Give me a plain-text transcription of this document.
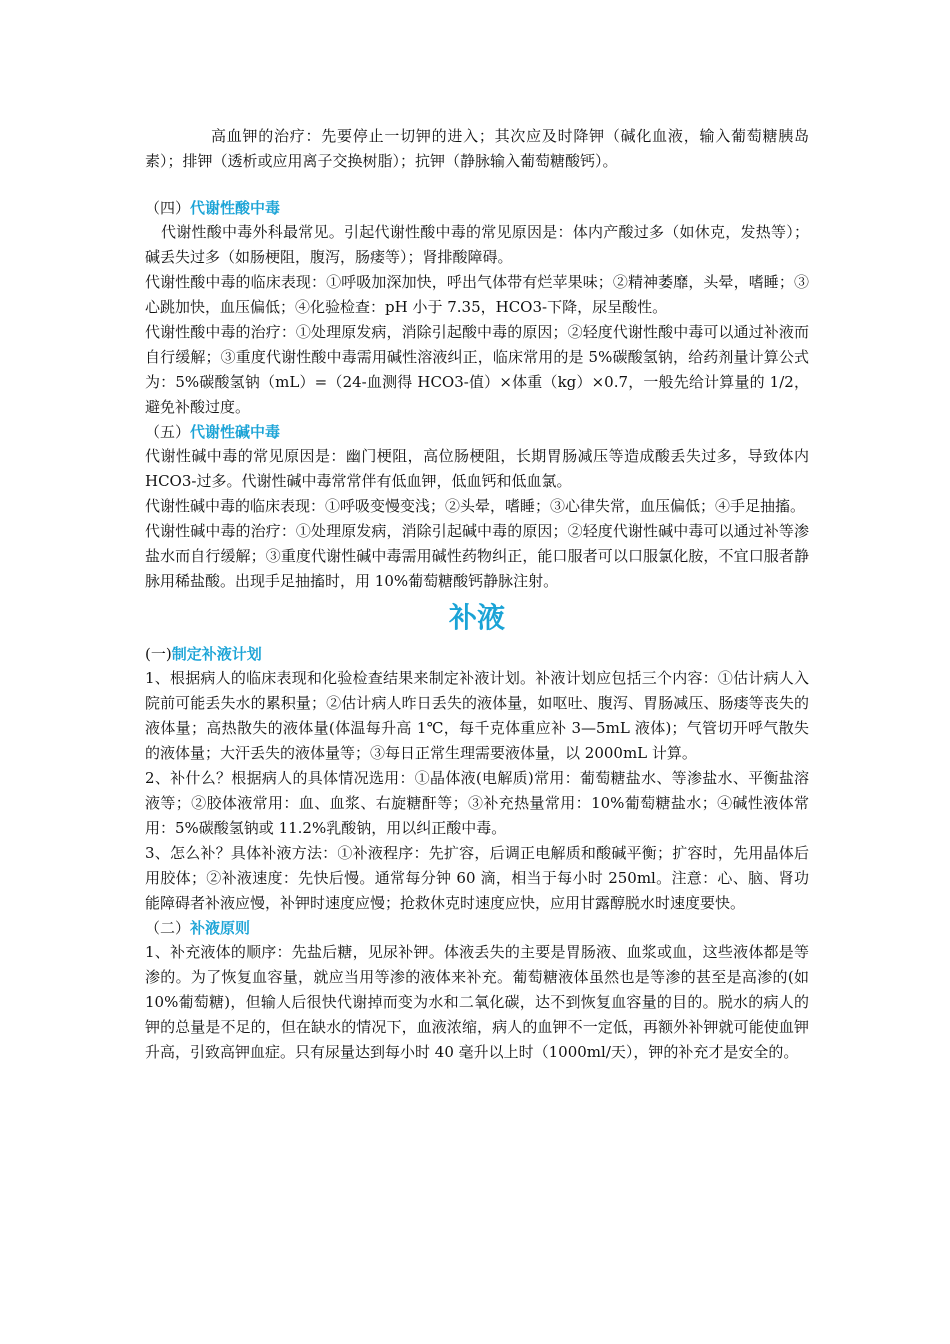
高血钾的治疗：先要停止一切钾的进入；其次应及时降钾（碱化血液，输入葡萄糖胰岛素）；排钾（透析或应用离子交换树脂）；抗钾（静脉输入葡萄糖酸钙）。

（四）代谢性酸中毒

代谢性酸中毒外科最常见。引起代谢性酸中毒的常见原因是：体内产酸过多（如休克，发热等）；碱丢失过多（如肠梗阻，腹泻，肠瘘等）；肾排酸障碍。

代谢性酸中毒的临床表现：①呼吸加深加快，呼出气体带有烂苹果味；②精神萎靡，头晕，嗜睡；③心跳加快，血压偏低；④化验检查：pH 小于 7.35，HCO3-下降，尿呈酸性。

代谢性酸中毒的治疗：①处理原发病，消除引起酸中毒的原因；②轻度代谢性酸中毒可以通过补液而自行缓解；③重度代谢性酸中毒需用碱性溶液纠正，临床常用的是 5%碳酸氢钠，给药剂量计算公式为：5%碳酸氢钠（mL）=（24-血测得 HCO3-值）×体重（kg）×0.7，一般先给计算量的 1/2，避免补酸过度。

（五）代谢性碱中毒

代谢性碱中毒的常见原因是：幽门梗阻，高位肠梗阻，长期胃肠减压等造成酸丢失过多，导致体内 HCO3-过多。代谢性碱中毒常常伴有低血钾，低血钙和低血氯。

代谢性碱中毒的临床表现：①呼吸变慢变浅；②头晕，嗜睡；③心律失常，血压偏低；④手足抽搐。

代谢性碱中毒的治疗：①处理原发病，消除引起碱中毒的原因；②轻度代谢性碱中毒可以通过补等渗盐水而自行缓解；③重度代谢性碱中毒需用碱性药物纠正，能口服者可以口服氯化胺，不宜口服者静脉用稀盐酸。出现手足抽搐时，用 10%葡萄糖酸钙静脉注射。

补液
(一)制定补液计划

1、根据病人的临床表现和化验检查结果来制定补液计划。补液计划应包括三个内容：①估计病人入院前可能丢失水的累积量；②估计病人昨日丢失的液体量，如呕吐、腹泻、胃肠减压、肠瘘等丧失的液体量；高热散失的液体量(体温每升高 1℃，每千克体重应补 3—5mL 液体)；气管切开呼气散失的液体量；大汗丢失的液体量等；③每日正常生理需要液体量，以 2000mL 计算。

2、补什么？根据病人的具体情况选用：①晶体液(电解质)常用：葡萄糖盐水、等渗盐水、平衡盐溶液等；②胶体液常用：血、血浆、右旋糖酐等；③补充热量常用：10%葡萄糖盐水；④碱性液体常用：5%碳酸氢钠或 11.2%乳酸钠，用以纠正酸中毒。

3、怎么补？具体补液方法：①补液程序：先扩容，后调正电解质和酸碱平衡；扩容时，先用晶体后用胶体；②补液速度：先快后慢。通常每分钟 60 滴，相当于每小时 250ml。注意：心、脑、肾功能障碍者补液应慢，补钾时速度应慢；抢救休克时速度应快，应用甘露醇脱水时速度要快。

（二）补液原则

1、补充液体的顺序：先盐后糖，见尿补钾。体液丢失的主要是胃肠液、血浆或血，这些液体都是等渗的。为了恢复血容量，就应当用等渗的液体来补充。葡萄糖液体虽然也是等渗的甚至是高渗的(如 10%葡萄糖)，但输人后很快代谢掉而变为水和二氧化碳，达不到恢复血容量的目的。脱水的病人的钾的总量是不足的，但在缺水的情况下，血液浓缩，病人的血钾不一定低，再额外补钾就可能使血钾升高，引致高钾血症。只有尿量达到每小时 40 毫升以上时（1000ml/天），钾的补充才是安全的。
